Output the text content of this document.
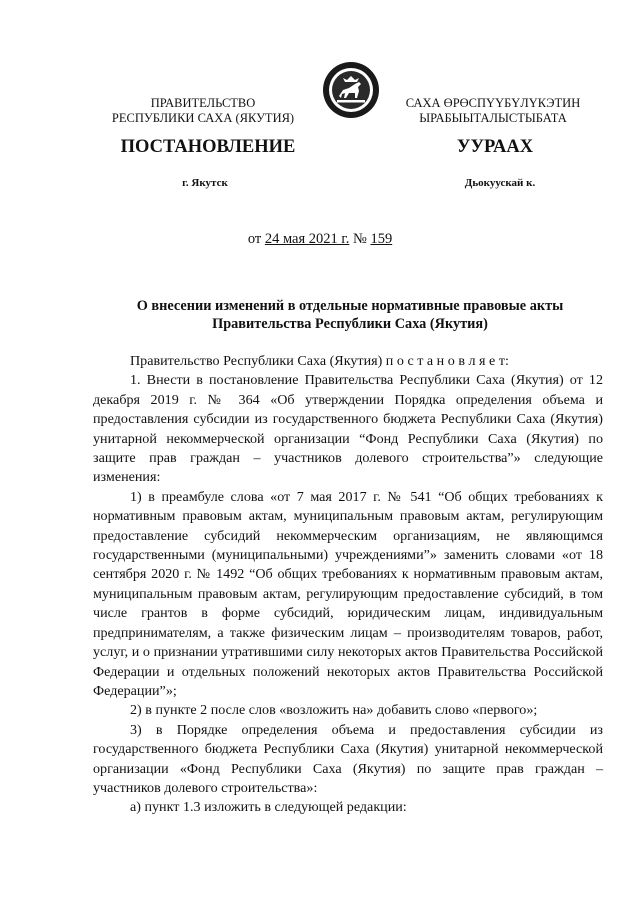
ПРАВИТЕЛЬСТВО
РЕСПУБЛИКИ САХА (ЯКУТИЯ)
САХА ӨРӨСПҮҮБҮЛҮКЭТИН
ЫРАБЫЫТАЛЫСТЫБАТА
ПОСТАНОВЛЕНИЕ	УУРААХ
г. Якутск	Дьокуускай к.
от 24 мая 2021 г. № 159
О внесении изменений в отдельные нормативные правовые акты
Правительства Республики Саха (Якутия)

Правительство Республики Саха (Якутия) п о с т а н о в л я е т:

1. Внести в постановление Правительства Республики Саха (Якутия) от 12 декабря 2019 г. № 364 «Об утверждении Порядка определения объема и предоставления субсидии из государственного бюджета Республики Саха (Якутия) унитарной некоммерческой организации “Фонд Республики Саха (Якутия) по защите прав граждан – участников долевого строительства”» следующие изменения:

1) в преамбуле слова «от 7 мая 2017 г. № 541 “Об общих требованиях к нормативным правовым актам, муниципальным правовым актам, регулирующим предоставление субсидий некоммерческим организациям, не являющимся государственными (муниципальными) учреждениями”» заменить словами «от 18 сентября 2020 г. № 1492 “Об общих требованиях к нормативным правовым актам, муниципальным правовым актам, регулирующим предоставление субсидий, в том числе грантов в форме субсидий, юридическим лицам, индивидуальным предпринимателям, а также физическим лицам – производителям товаров, работ, услуг, и о признании утратившими силу некоторых актов Правительства Российской Федерации и отдельных положений некоторых актов Правительства Российской Федерации”»;

2) в пункте 2 после слов «возложить на» добавить слово «первого»;

3) в Порядке определения объема и предоставления субсидии из государственного бюджета Республики Саха (Якутия) унитарной некоммерческой организации «Фонд Республики Саха (Якутия) по защите прав граждан – участников долевого строительства»:

а) пункт 1.3 изложить в следующей редакции:
